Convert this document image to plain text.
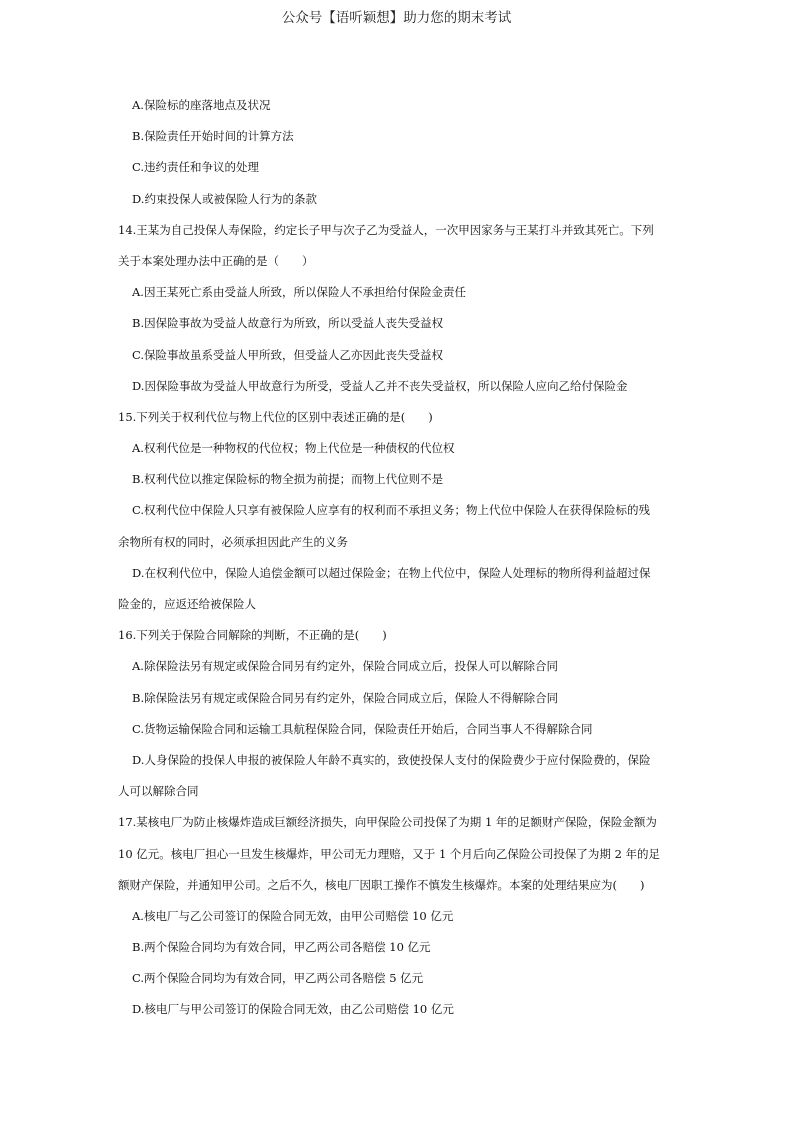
公众号【语听颖想】助力您的期末考试
A.保险标的座落地点及状况
B.保险责任开始时间的计算方法
C.违约责任和争议的处理
D.约束投保人或被保险人行为的条款
14.王某为自己投保人寿保险，约定长子甲与次子乙为受益人，一次甲因家务与王某打斗并致其死亡。下列
关于本案处理办法中正确的是（　　）
A.因王某死亡系由受益人所致，所以保险人不承担给付保险金责任
B.因保险事故为受益人故意行为所致，所以受益人丧失受益权
C.保险事故虽系受益人甲所致，但受益人乙亦因此丧失受益权
D.因保险事故为受益人甲故意行为所受，受益人乙并不丧失受益权，所以保险人应向乙给付保险金
15.下列关于权利代位与物上代位的区别中表述正确的是(　　)
A.权利代位是一种物权的代位权；物上代位是一种债权的代位权
B.权利代位以推定保险标的物全损为前提；而物上代位则不是
C.权利代位中保险人只享有被保险人应享有的权利而不承担义务；物上代位中保险人在获得保险标的残
余物所有权的同时，必须承担因此产生的义务
D.在权利代位中，保险人追偿金额可以超过保险金；在物上代位中，保险人处理标的物所得利益超过保
险金的，应返还给被保险人
16.下列关于保险合同解除的判断，不正确的是(　　)
A.除保险法另有规定或保险合同另有约定外，保险合同成立后，投保人可以解除合同
B.除保险法另有规定或保险合同另有约定外，保险合同成立后，保险人不得解除合同
C.货物运输保险合同和运输工具航程保险合同，保险责任开始后，合同当事人不得解除合同
D.人身保险的投保人申报的被保险人年龄不真实的，致使投保人支付的保险费少于应付保险费的，保险
人可以解除合同
17.某核电厂为防止核爆炸造成巨额经济损失，向甲保险公司投保了为期 1 年的足额财产保险，保险金额为
10 亿元。核电厂担心一旦发生核爆炸，甲公司无力理赔，又于 1 个月后向乙保险公司投保了为期 2 年的足
额财产保险，并通知甲公司。之后不久，核电厂因职工操作不慎发生核爆炸。本案的处理结果应为(　　)
A.核电厂与乙公司签订的保险合同无效，由甲公司赔偿 10 亿元
B.两个保险合同均为有效合同，甲乙两公司各赔偿 10 亿元
C.两个保险合同均为有效合同，甲乙两公司各赔偿 5 亿元
D.核电厂与甲公司签订的保险合同无效，由乙公司赔偿 10 亿元
